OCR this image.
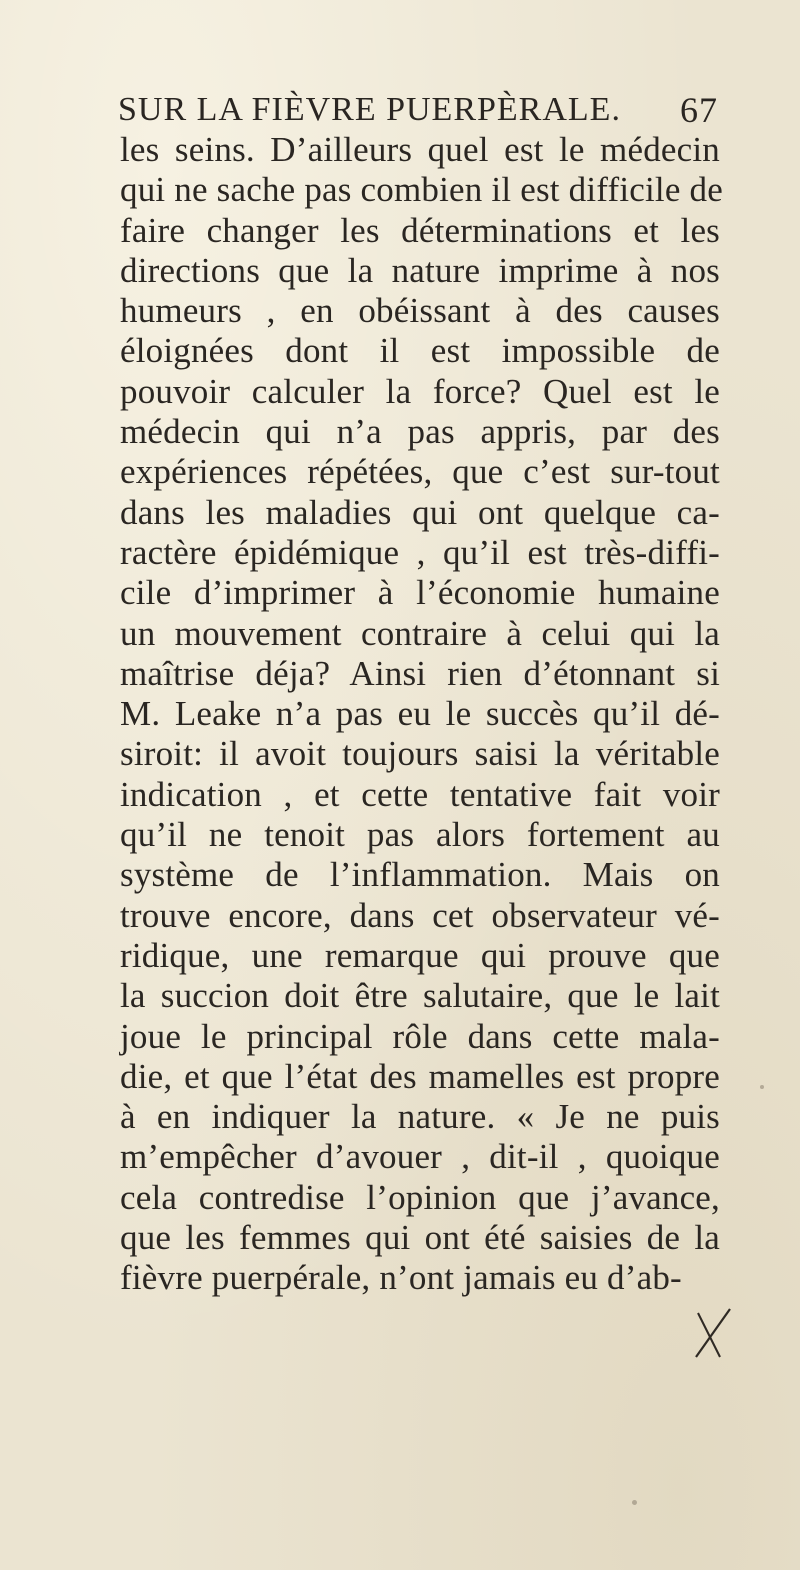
SUR LA FIÈVRE PUERPÈRALE. 67
les seins. D’ailleurs quel est le médecin
qui ne sache pas combien il est difficile de
faire changer les déterminations et les
directions que la nature imprime à nos
humeurs , en obéissant à des causes
éloignées dont il est impossible de
pouvoir calculer la force? Quel est le
médecin qui n’a pas appris, par des
expériences répétées, que c’est sur-tout
dans les maladies qui ont quelque ca-
ractère épidémique , qu’il est très-diffi-
cile d’imprimer à l’économie humaine
un mouvement contraire à celui qui la
maîtrise déja? Ainsi rien d’étonnant si
M. Leake n’a pas eu le succès qu’il dé-
siroit: il avoit toujours saisi la véritable
indication , et cette tentative fait voir
qu’il ne tenoit pas alors fortement au
système de l’inflammation. Mais on
trouve encore, dans cet observateur vé-
ridique, une remarque qui prouve que
la succion doit être salutaire, que le lait
joue le principal rôle dans cette mala-
die, et que l’état des mamelles est propre
à en indiquer la nature. « Je ne puis
m’empêcher d’avouer , dit-il , quoique
cela contredise l’opinion que j’avance,
que les femmes qui ont été saisies de la
fièvre puerpérale, n’ont jamais eu d’ab-
